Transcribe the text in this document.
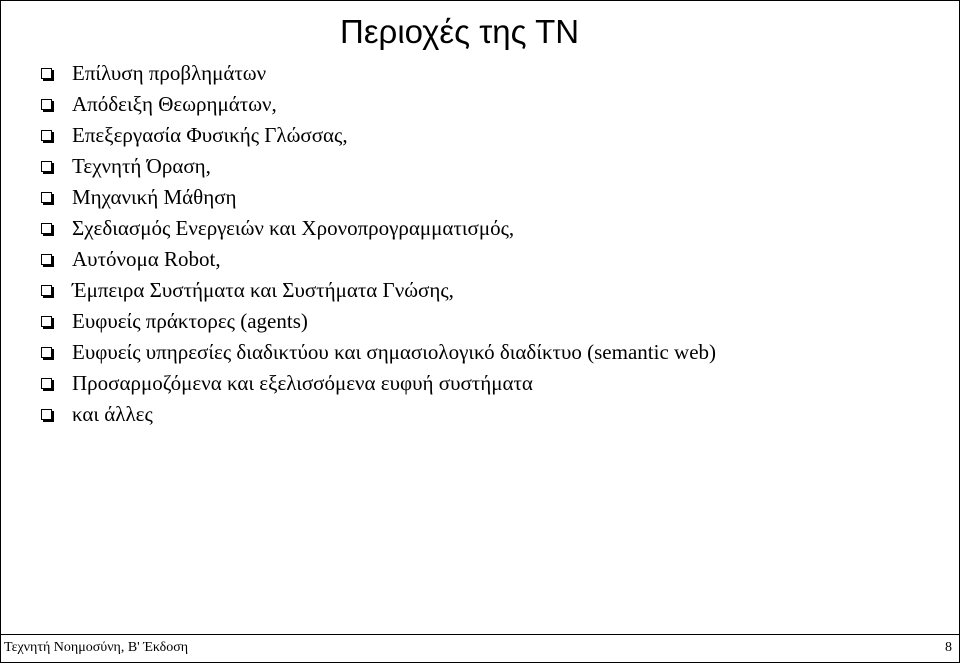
Περιοχές της ΤΝ
Επίλυση προβλημάτων
Απόδειξη Θεωρημάτων,
Επεξεργασία Φυσικής Γλώσσας,
Τεχνητή Όραση,
Μηχανική Μάθηση
Σχεδιασμός Ενεργειών και Χρονοπρογραμματισμός,
Αυτόνομα Robot,
Έμπειρα Συστήματα και Συστήματα Γνώσης,
Ευφυείς πράκτορες (agents)
Ευφυείς υπηρεσίες διαδικτύου και σημασιολογικό διαδίκτυο (semantic web)
Προσαρμοζόμενα και εξελισσόμενα ευφυή συστήματα
και άλλες
Τεχνητή Νοημοσύνη, Β' Έκδοση	8
